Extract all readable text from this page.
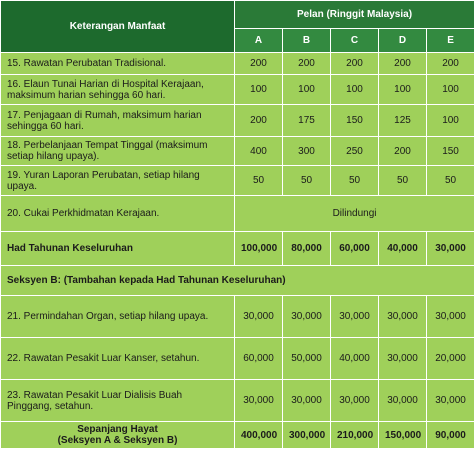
Keterangan Manfaat	Pelan (Ringgit Malaysia)				
	A	B	C	D	E
15. Rawatan Perubatan Tradisional.	200	200	200	200	200
16. Elaun Tunai Harian di Hospital Kerajaan, maksimum harian sehingga 60 hari.	100	100	100	100	100
17. Penjagaan di Rumah, maksimum harian sehingga 60 hari.	200	175	150	125	100
18. Perbelanjaan Tempat Tinggal (maksimum setiap hilang upaya).	400	300	250	200	150
19. Yuran Laporan Perubatan, setiap hilang upaya.	50	50	50	50	50
20. Cukai Perkhidmatan Kerajaan.	Dilindungi				
Had Tahunan Keseluruhan	100,000	80,000	60,000	40,000	30,000
Seksyen B: (Tambahan kepada Had Tahunan Keseluruhan)					
21. Permindahan Organ, setiap hilang upaya.	30,000	30,000	30,000	30,000	30,000
22. Rawatan Pesakit Luar Kanser, setahun.	60,000	50,000	40,000	30,000	20,000
23. Rawatan Pesakit Luar Dialisis Buah Pinggang, setahun.	30,000	30,000	30,000	30,000	30,000
Sepanjang Hayat
(Seksyen A & Seksyen B)	400,000	300,000	210,000	150,000	90,000
